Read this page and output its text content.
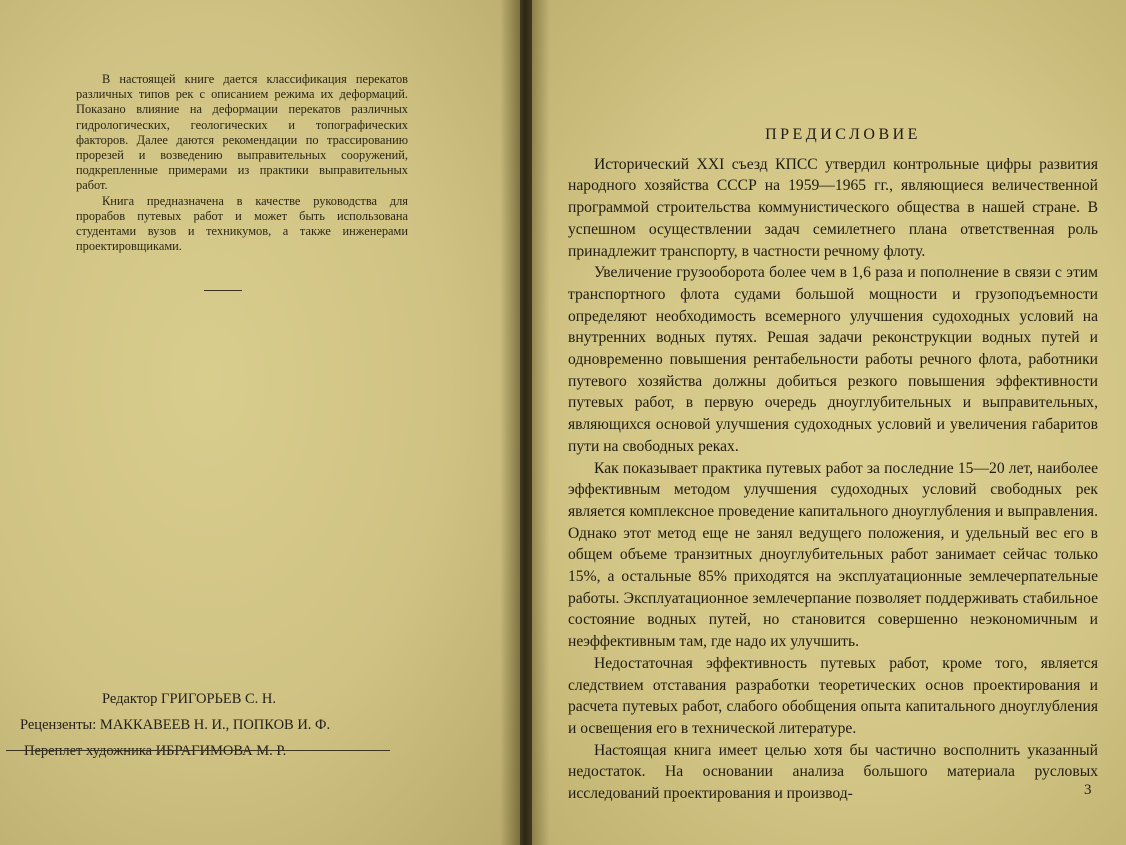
В настоящей книге дается классификация перекатов различных типов рек с описанием режима их деформаций. Показано влияние на деформации перекатов различных гидрологических, геологических и топографических факторов. Далее даются рекомендации по трассированию прорезей и возведению выправительных сооружений, подкрепленные примерами из практики выправительных работ.

Книга предназначена в качестве руководства для прорабов путевых работ и может быть использована студентами вузов и техникумов, а также инженерами проектировщиками.

Редактор ГРИГОРЬЕВ С. Н.
Рецензенты: МАККАВЕЕВ Н. И., ПОПКОВ И. Ф.
Переплет художника ИБРАГИМОВА М. Р.
ПРЕДИСЛОВИЕ

Исторический XXI съезд КПСС утвердил контрольные цифры развития народного хозяйства СССР на 1959—1965 гг., являющиеся величественной программой строительства коммунистического общества в нашей стране. В успешном осуществлении задач семилетнего плана ответственная роль принадлежит транспорту, в частности речному флоту.

Увеличение грузооборота более чем в 1,6 раза и пополнение в связи с этим транспортного флота судами большой мощности и грузоподъемности определяют необходимость всемерного улучшения судоходных условий на внутренних водных путях. Решая задачи реконструкции водных путей и одновременно повышения рентабельности работы речного флота, работники путевого хозяйства должны добиться резкого повышения эффективности путевых работ, в первую очередь дноуглубительных и выправительных, являющихся основой улучшения судоходных условий и увеличения габаритов пути на свободных реках.

Как показывает практика путевых работ за последние 15—20 лет, наиболее эффективным методом улучшения судоходных условий свободных рек является комплексное проведение капитального дноуглубления и выправления. Однако этот метод еще не занял ведущего положения, и удельный вес его в общем объеме транзитных дноуглубительных работ занимает сейчас только 15%, а остальные 85% приходятся на эксплуатационные землечерпательные работы. Эксплуатационное землечерпание позволяет поддерживать стабильное состояние водных путей, но становится совершенно неэкономичным и неэффективным там, где надо их улучшить.

Недостаточная эффективность путевых работ, кроме того, является следствием отставания разработки теоретических основ проектирования и расчета путевых работ, слабого обобщения опыта капитального дноуглубления и освещения его в технической литературе.

Настоящая книга имеет целью хотя бы частично восполнить указанный недостаток. На основании анализа большого материала русловых исследований проектирования и производ-	3
